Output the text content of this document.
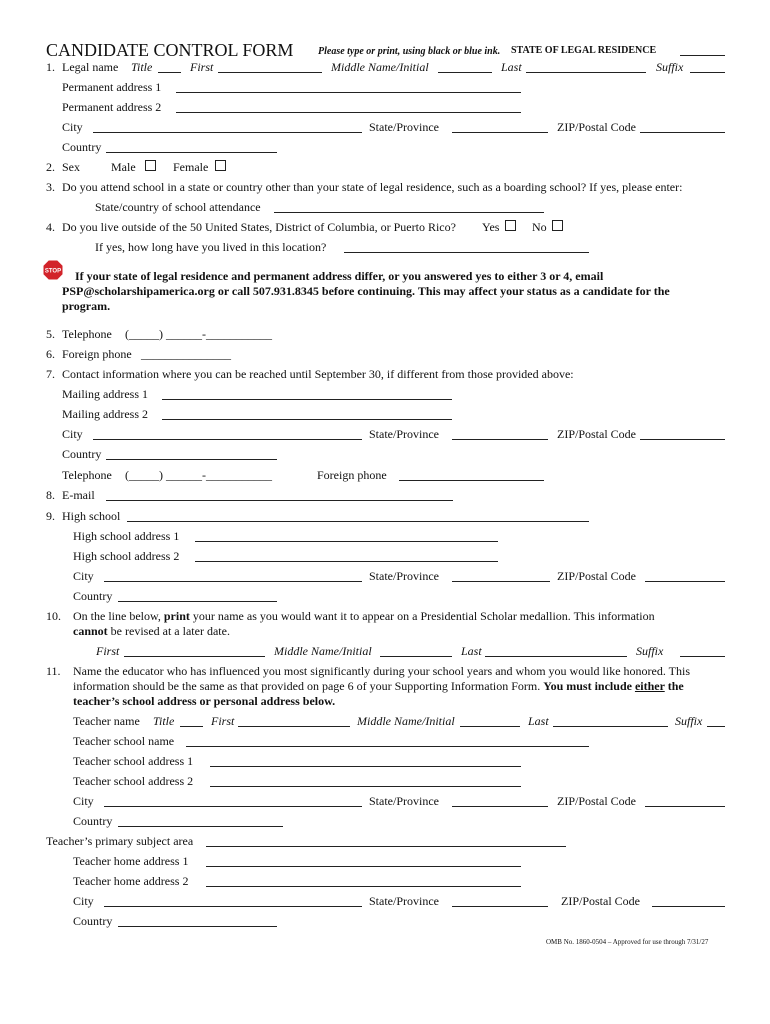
CANDIDATE CONTROL FORM Please type or print, using black or blue ink. STATE OF LEGAL RESIDENCE
1. Legal name Title	First	Middle Name/Initial	Last	Suffix
Permanent address 1
Permanent address 2
City	State/Province	ZIP/Postal Code
Country
2. Sex	Male	Female
3. Do you attend school in a state or country other than your state of legal residence, such as a boarding school? If yes, please enter:
State/country of school attendance
4. Do you live outside of the 50 United States, District of Columbia, or Puerto Rico? Yes	No
If yes, how long have you lived in this location?
STOP If your state of legal residence and permanent address differ, or you answered yes to either 3 or 4, email
PSP@scholarshipamerica.org or call 507.931.8345 before continuing. This may affect your status as a candidate for the
program.
5. Telephone (_____) ______-___________
6. Foreign phone _______________
7. Contact information where you can be reached until September 30, if different from those provided above:
Mailing address 1
Mailing address 2
City	State/Province	ZIP/Postal Code
Country
Telephone (_____) ______-___________	Foreign phone
8. E-mail
9. High school
High school address 1
High school address 2
City	State/Province	ZIP/Postal Code
Country
10. On the line below, print your name as you would want it to appear on a Presidential Scholar medallion. This information
cannot be revised at a later date.
First	Middle Name/Initial	Last	Suffix
11. Name the educator who has influenced you most significantly during your school years and whom you would like honored. This
information should be the same as that provided on page 6 of your Supporting Information Form. You must include either the
teacher’s school address or personal address below.
Teacher name Title	First	Middle Name/Initial	Last	Suffix
Teacher school name
Teacher school address 1
Teacher school address 2
City	State/Province	ZIP/Postal Code
Country
Teacher’s primary subject area
Teacher home address 1
Teacher home address 2
City	State/Province	ZIP/Postal Code
Country
OMB No. 1860-0504 – Approved for use through 7/31/27
